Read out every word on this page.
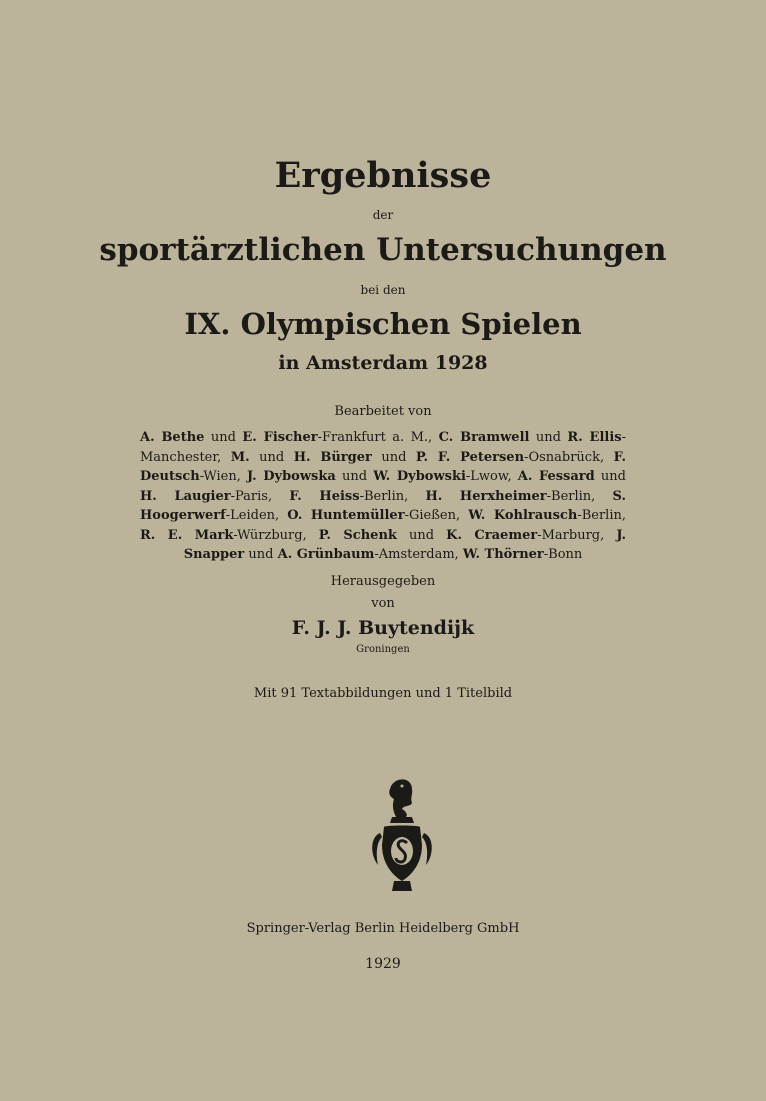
Ergebnisse
der
sportärztlichen Untersuchungen
bei den
IX. Olympischen Spielen
in Amsterdam 1928
Bearbeitet von
A. Bethe und E. Fischer-Frankfurt a. M., C. Bramwell und R. Ellis-Manchester, M. und H. Bürger und P. F. Petersen-Osnabrück, F. Deutsch-Wien, J. Dybowska und W. Dybowski-Lwow, A. Fessard und H. Laugier-Paris, F. Heiss-Berlin, H. Herxheimer-Berlin, S. Hoogerwerf-Leiden, O. Huntemüller-Gießen, W. Kohlrausch-Berlin, R. E. Mark-Würzburg, P. Schenk und K. Craemer-Marburg, J. Snapper und A. Grünbaum-Amsterdam, W. Thörner-Bonn
Herausgegeben
von
F. J. J. Buytendijk
Groningen
Mit 91 Textabbildungen und 1 Titelbild
Springer-Verlag Berlin Heidelberg GmbH
1929
